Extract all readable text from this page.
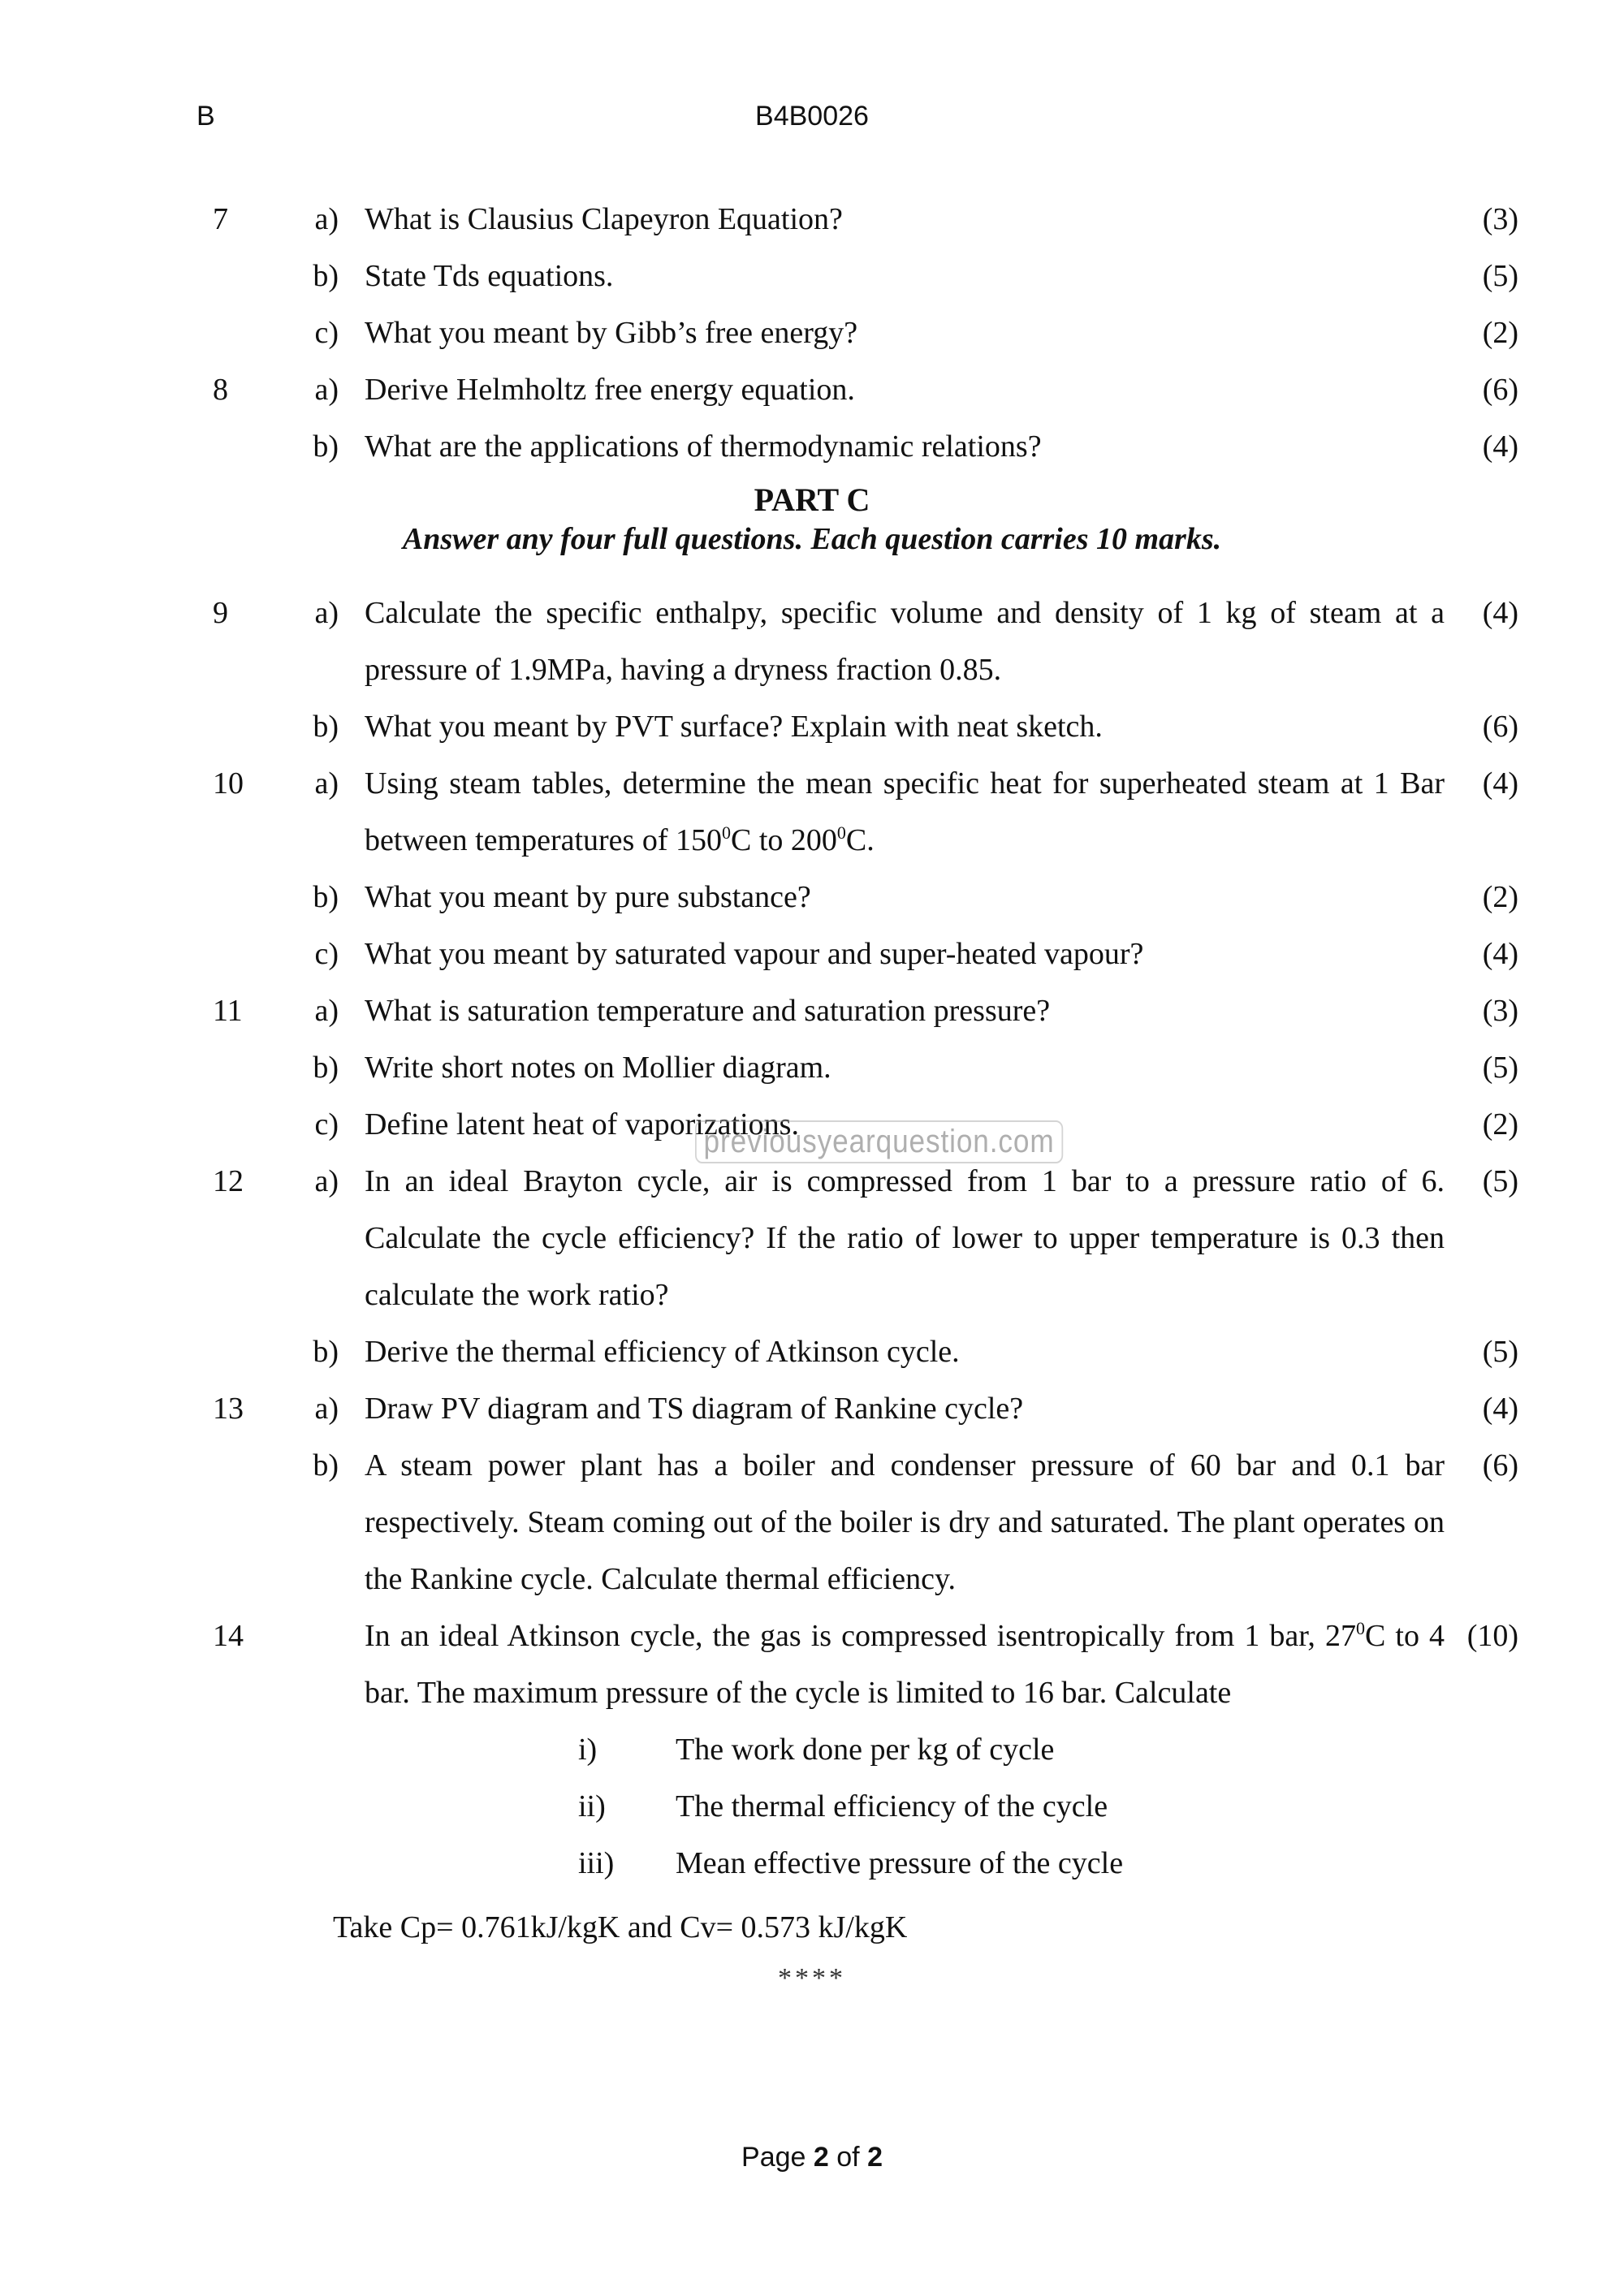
B	B4B0026
7	a)	What is Clausius Clapeyron Equation?	(3)
	b)	State Tds equations.	(5)
	c)	What you meant by Gibb’s free energy?	(2)
8	a)	Derive Helmholtz free energy equation.	(6)
	b)	What are the applications of thermodynamic relations?	(4)
PART C
Answer any four full questions. Each question carries 10 marks.
9	a)	Calculate the specific enthalpy, specific volume and density of 1 kg of steam at a pressure of 1.9MPa, having a dryness fraction 0.85.	(4)
	b)	What you meant by PVT surface? Explain with neat sketch.	(6)
10	a)	Using steam tables, determine the mean specific heat for superheated steam at 1 Bar between temperatures of $150^0C$ to $200^0C$.	(4)
	b)	What you meant by pure substance?	(2)
	c)	What you meant by saturated vapour and super-heated vapour?	(4)
11	a)	What is saturation temperature and saturation pressure?	(3)
	b)	Write short notes on Mollier diagram.	(5)
	c)	Define latent heat of vaporizations.	(2)
12	a)	In an ideal Brayton cycle, air is compressed from 1 bar to a pressure ratio of 6. Calculate the cycle efficiency? If the ratio of lower to upper temperature is 0.3 then calculate the work ratio?	(5)
	b)	Derive the thermal efficiency of Atkinson cycle.	(5)
13	a)	Draw PV diagram and TS diagram of Rankine cycle?	(4)
	b)	A steam power plant has a boiler and condenser pressure of 60 bar and 0.1 bar respectively. Steam coming out of the boiler is dry and saturated. The plant operates on the Rankine cycle. Calculate thermal efficiency.	(6)
14		In an ideal Atkinson cycle, the gas is compressed isentropically from 1 bar, $27^0C$ to 4 bar. The maximum pressure of the cycle is limited to 16 bar. Calculate	(10)
i)	The work done per kg of cycle
ii) The thermal efficiency of the cycle
iii) Mean effective pressure of the cycle
Take Cp= 0.761kJ/kgK and Cv= 0.573 kJ/kgK
****
previousyearquestion.com
Page 2 of 2
